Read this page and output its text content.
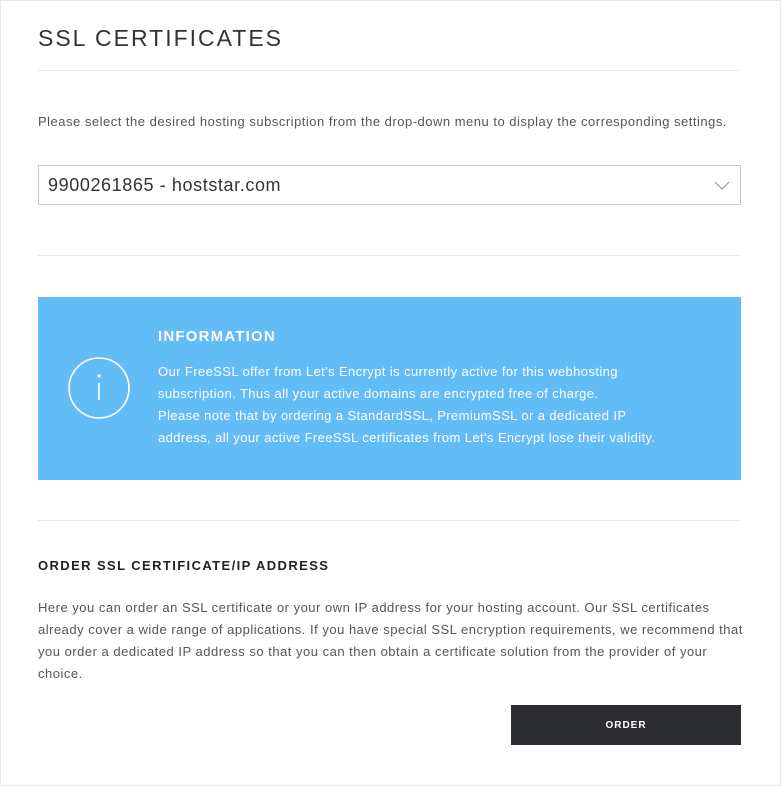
SSL CERTIFICATES

Please select the desired hosting subscription from the drop-down menu to display the corresponding settings.

9900261865 - hoststar.com
INFORMATION

Our FreeSSL offer from Let's Encrypt is currently active for this webhosting
subscription. Thus all your active domains are encrypted free of charge.
Please note that by ordering a StandardSSL, PremiumSSL or a dedicated IP
address, all your active FreeSSL certificates from Let's Encrypt lose their validity.

ORDER SSL CERTIFICATE/IP ADDRESS

Here you can order an SSL certificate or your own IP address for your hosting account. Our SSL certificates already cover a wide range of applications. If you have special SSL encryption requirements, we recommend that you order a dedicated IP address so that you can then obtain a certificate solution from the provider of your choice.

ORDER
